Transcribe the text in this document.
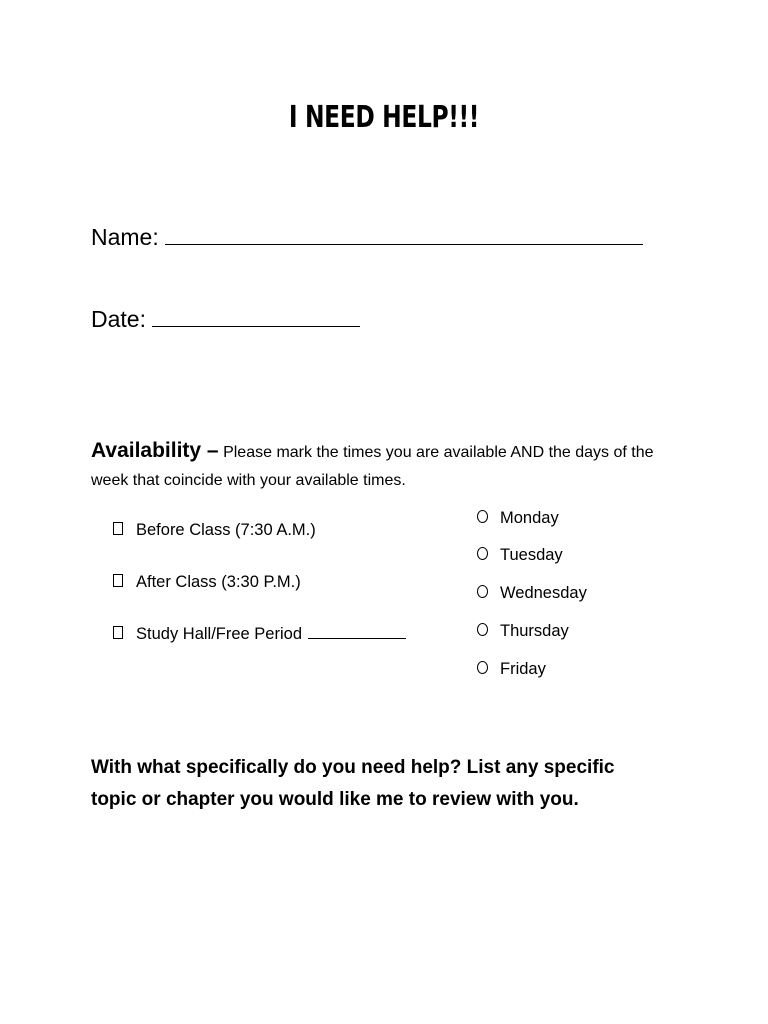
I NEED HELP!!!
Name:
Date:
Availability – Please mark the times you are available AND the days of the week that coincide with your available times.
Before Class (7:30 A.M.)
After Class (3:30 P.M.)
Study Hall/Free Period
Monday
Tuesday
Wednesday
Thursday
Friday
With what specifically do you need help? List any specific topic or chapter you would like me to review with you.
